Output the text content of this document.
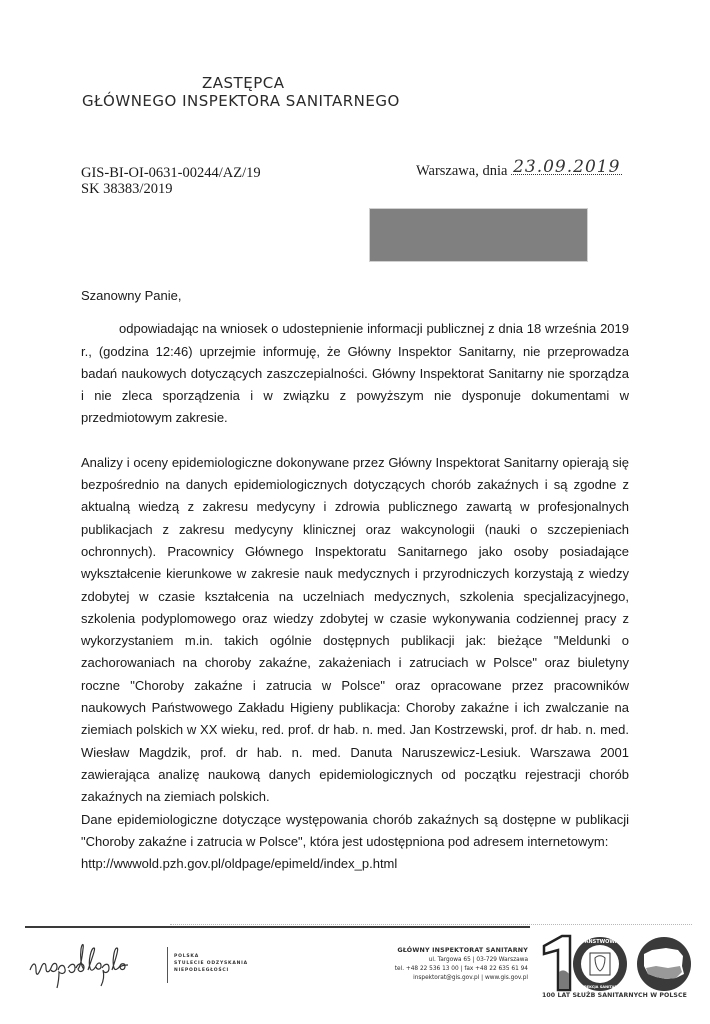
ZASTĘPCA
GŁÓWNEGO INSPEKTORA SANITARNEGO
GIS-BI-OI-0631-00244/AZ/19
SK 38383/2019
Warszawa, dnia 23.09.2019

Szanowny Panie,

odpowiadając na wniosek o udostepnienie informacji publicznej z dnia 18 września 2019 r., (godzina 12:46) uprzejmie informuję, że Główny Inspektor Sanitarny, nie przeprowadza badań naukowych dotyczących zaszczepialności. Główny Inspektorat Sanitarny nie sporządza i nie zleca sporządzenia i w związku z powyższym nie dysponuje dokumentami w przedmiotowym zakresie.

Analizy i oceny epidemiologiczne dokonywane przez Główny Inspektorat Sanitarny opierają się bezpośrednio na danych epidemiologicznych dotyczących chorób zakaźnych i są zgodne z aktualną wiedzą z zakresu medycyny i zdrowia publicznego zawartą w profesjonalnych publikacjach z zakresu medycyny klinicznej oraz wakcynologii (nauki o szczepieniach ochronnych). Pracownicy Głównego Inspektoratu Sanitarnego jako osoby posiadające wykształcenie kierunkowe w zakresie nauk medycznych i przyrodniczych korzystają z wiedzy zdobytej w czasie kształcenia na uczelniach medycznych, szkolenia specjalizacyjnego, szkolenia podyplomowego oraz wiedzy zdobytej w czasie wykonywania codziennej pracy z wykorzystaniem m.in. takich ogólnie dostępnych publikacji jak: bieżące "Meldunki o zachorowaniach na choroby zakaźne, zakażeniach i zatruciach w Polsce" oraz biuletyny roczne "Choroby zakaźne i zatrucia w Polsce" oraz opracowane przez pracowników naukowych Państwowego Zakładu Higieny publikacja: Choroby zakaźne i ich zwalczanie na ziemiach polskich w XX wieku, red. prof. dr hab. n. med. Jan Kostrzewski, prof. dr hab. n. med. Wiesław Magdzik, prof. dr hab. n. med. Danuta Naruszewicz-Lesiuk. Warszawa 2001 zawierająca analizę naukową danych epidemiologicznych od początku rejestracji chorób zakaźnych na ziemiach polskich.

Dane epidemiologiczne dotyczące występowania chorób zakaźnych są dostępne w publikacji "Choroby zakaźne i zatrucia w Polsce", która jest udostępniona pod adresem internetowym:

http://wwwold.pzh.gov.pl/oldpage/epimeld/index_p.html
niepodległa
POLSKA
STULECIE ODZYSKANIA
NIEPODLEGŁOŚCI
GŁÓWNY INSPEKTORAT SANITARNY
ul. Targowa 65 | 03-729 Warszawa
tel. +48 22 536 13 00 | fax +48 22 635 61 94
inspektorat@gis.gov.pl | www.gis.gov.pl
PAŃSTWOWA
INSPEKCJA SANITARNA
100
100 LAT SŁUŻB SANITARNYCH W POLSCE
